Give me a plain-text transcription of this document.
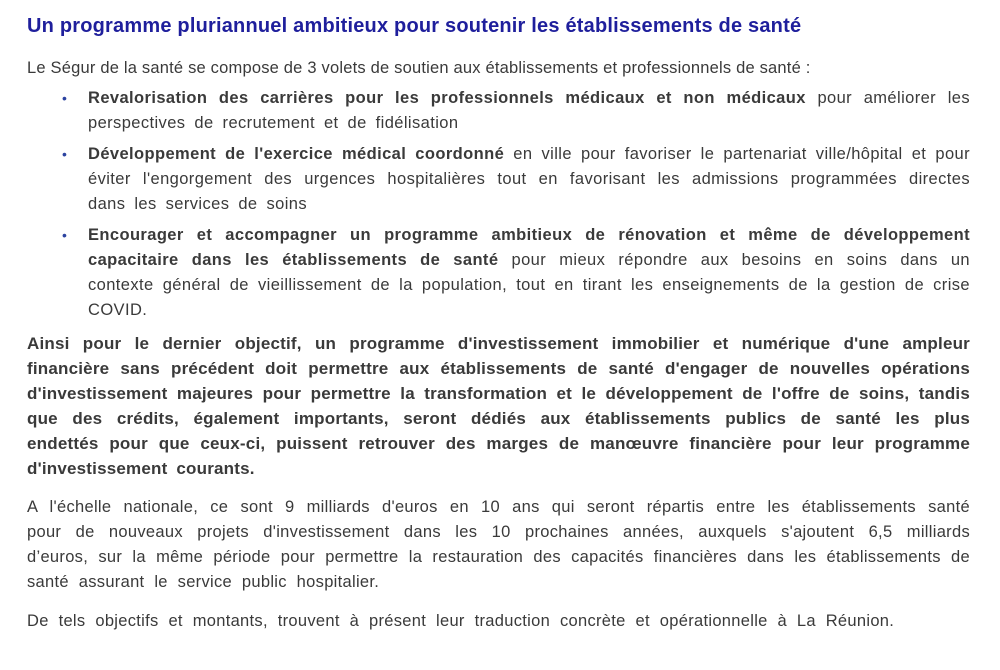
Un programme pluriannuel ambitieux pour soutenir les établissements de santé

Le Ségur de la santé se compose de 3 volets de soutien aux établissements et professionnels de santé :

•	Revalorisation des carrières pour les professionnels médicaux et non médicaux pour améliorer les perspectives de recrutement et de fidélisation
•	Développement de l'exercice médical coordonné en ville pour favoriser le partenariat ville/hôpital et pour éviter l'engorgement des urgences hospitalières tout en favorisant les admissions programmées directes dans les services de soins
•	Encourager et accompagner un programme ambitieux de rénovation et même de développement capacitaire dans les établissements de santé pour mieux répondre aux besoins en soins dans un contexte général de vieillissement de la population, tout en tirant les enseignements de la gestion de crise COVID.

Ainsi pour le dernier objectif, un programme d'investissement immobilier et numérique d'une ampleur financière sans précédent doit permettre aux établissements de santé d'engager de nouvelles opérations d'investissement majeures pour permettre la transformation et le développement de l'offre de soins, tandis que des crédits, également importants, seront dédiés aux établissements publics de santé les plus endettés pour que ceux-ci, puissent retrouver des marges de manœuvre financière pour leur programme d'investissement courants.

A l'échelle nationale, ce sont 9 milliards d'euros en 10 ans qui seront répartis entre les établissements santé pour de nouveaux projets d'investissement dans les 10 prochaines années, auxquels s'ajoutent 6,5 milliards d’euros, sur la même période pour permettre la restauration des capacités financières dans les établissements de santé assurant le service public hospitalier.

De tels objectifs et montants, trouvent à présent leur traduction concrète et opérationnelle à La Réunion.
